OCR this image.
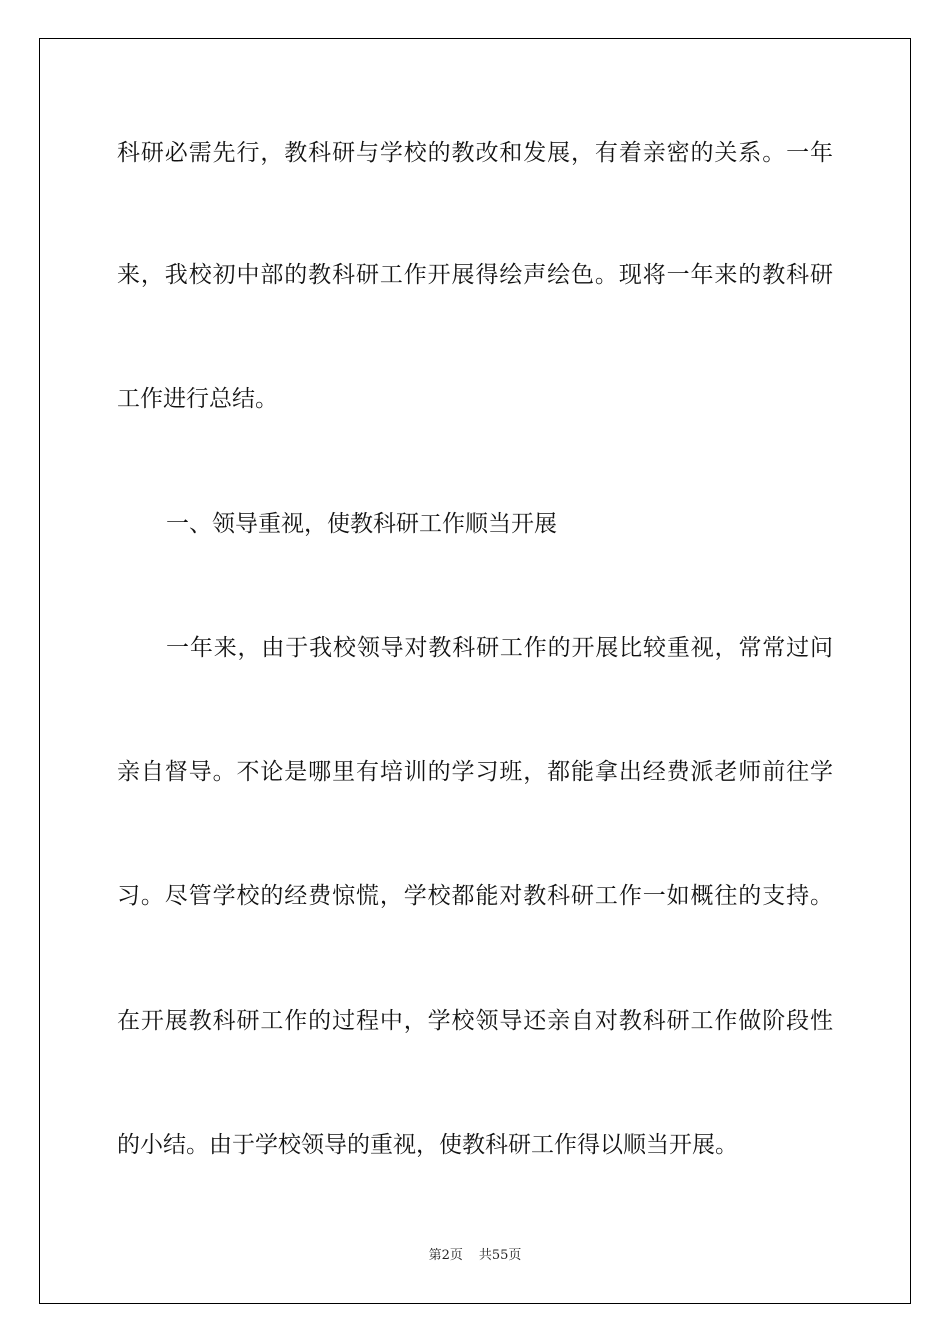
科研必需先行，教科研与学校的教改和发展，有着亲密的关系。一年
来，我校初中部的教科研工作开展得绘声绘色。现将一年来的教科研
工作进行总结。
一、领导重视，使教科研工作顺当开展
一年来，由于我校领导对教科研工作的开展比较重视，常常过问
亲自督导。不论是哪里有培训的学习班，都能拿出经费派老师前往学
习。尽管学校的经费惊慌，学校都能对教科研工作一如概往的支持。
在开展教科研工作的过程中，学校领导还亲自对教科研工作做阶段性
的小结。由于学校领导的重视，使教科研工作得以顺当开展。
第2页 共55页
